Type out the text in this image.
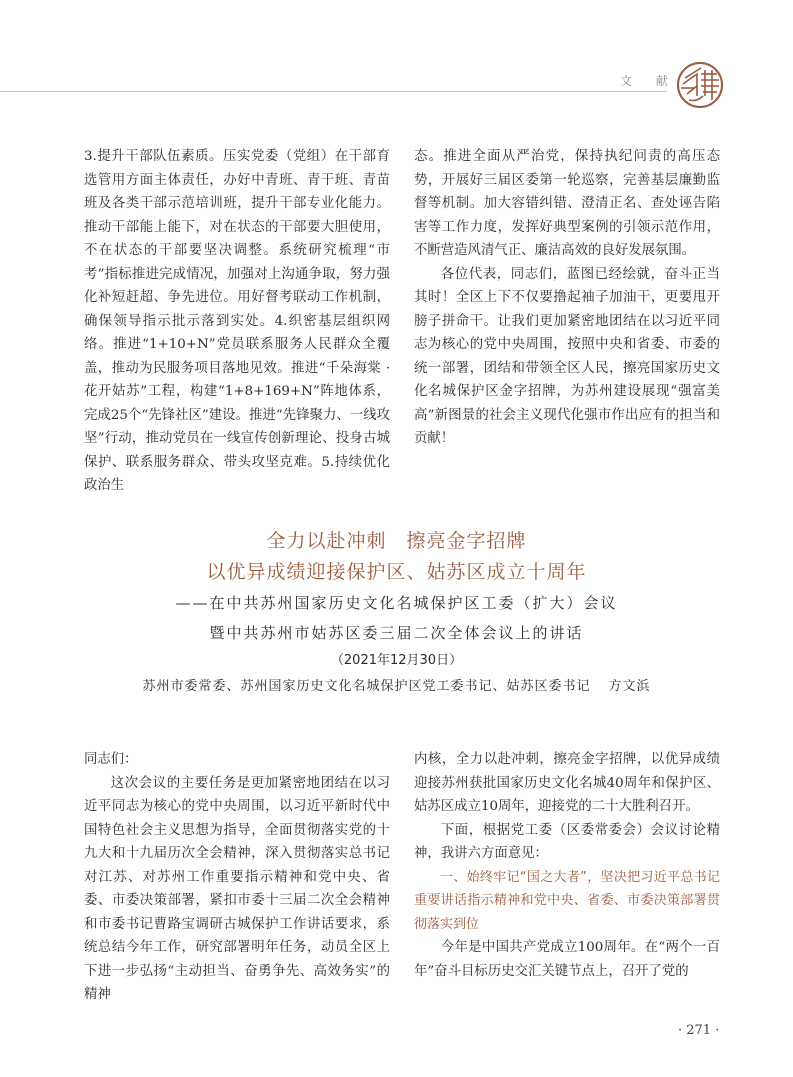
文 献

3.提升干部队伍素质。压实党委（党组）在干部育选管用方面主体责任，办好中青班、青干班、青苗班及各类干部示范培训班，提升干部专业化能力。推动干部能上能下，对在状态的干部要大胆使用，不在状态的干部要坚决调整。系统研究梳理“市考”指标推进完成情况，加强对上沟通争取，努力强化补短赶超、争先进位。用好督考联动工作机制，确保领导指示批示落到实处。4.织密基层组织网络。推进“1+10+N”党员联系服务人民群众全覆盖，推动为民服务项目落地见效。推进“千朵海棠 · 花开姑苏”工程，构建“1+8+169+N”阵地体系，完成25个“先锋社区”建设。推进“先锋聚力、一线攻坚”行动，推动党员在一线宣传创新理论、投身古城保护、联系服务群众、带头攻坚克难。5.持续优化政治生

态。推进全面从严治党，保持执纪问责的高压态势，开展好三届区委第一轮巡察，完善基层廉勤监督等机制。加大容错纠错、澄清正名、查处诬告陷害等工作力度，发挥好典型案例的引领示范作用，不断营造风清气正、廉洁高效的良好发展氛围。

各位代表，同志们，蓝图已经绘就，奋斗正当其时！全区上下不仅要撸起袖子加油干，更要甩开膀子拼命干。让我们更加紧密地团结在以习近平同志为核心的党中央周围，按照中央和省委、市委的统一部署，团结和带领全区人民，擦亮国家历史文化名城保护区金字招牌，为苏州建设展现“强富美高”新图景的社会主义现代化强市作出应有的担当和贡献！

全力以赴冲刺　擦亮金字招牌
以优异成绩迎接保护区、姑苏区成立十周年
——在中共苏州国家历史文化名城保护区工委（扩大）会议
暨中共苏州市姑苏区委三届二次全体会议上的讲话
（2021年12月30日）
苏州市委常委、苏州国家历史文化名城保护区党工委书记、姑苏区委书记 方文浜

同志们：

这次会议的主要任务是更加紧密地团结在以习近平同志为核心的党中央周围，以习近平新时代中国特色社会主义思想为指导，全面贯彻落实党的十九大和十九届历次全会精神，深入贯彻落实总书记对江苏、对苏州工作重要指示精神和党中央、省委、市委决策部署，紧扣市委十三届二次全会精神和市委书记曹路宝调研古城保护工作讲话要求，系统总结今年工作，研究部署明年任务，动员全区上下进一步弘扬“主动担当、奋勇争先、高效务实”的精神

内核，全力以赴冲刺，擦亮金字招牌，以优异成绩迎接苏州获批国家历史文化名城40周年和保护区、姑苏区成立10周年，迎接党的二十大胜利召开。

下面，根据党工委（区委常委会）会议讨论精神，我讲六方面意见：

一、始终牢记“国之大者”，坚决把习近平总书记重要讲话指示精神和党中央、省委、市委决策部署贯彻落实到位

今年是中国共产党成立100周年。在“两个一百年”奋斗目标历史交汇关键节点上，召开了党的

· 271 ·
